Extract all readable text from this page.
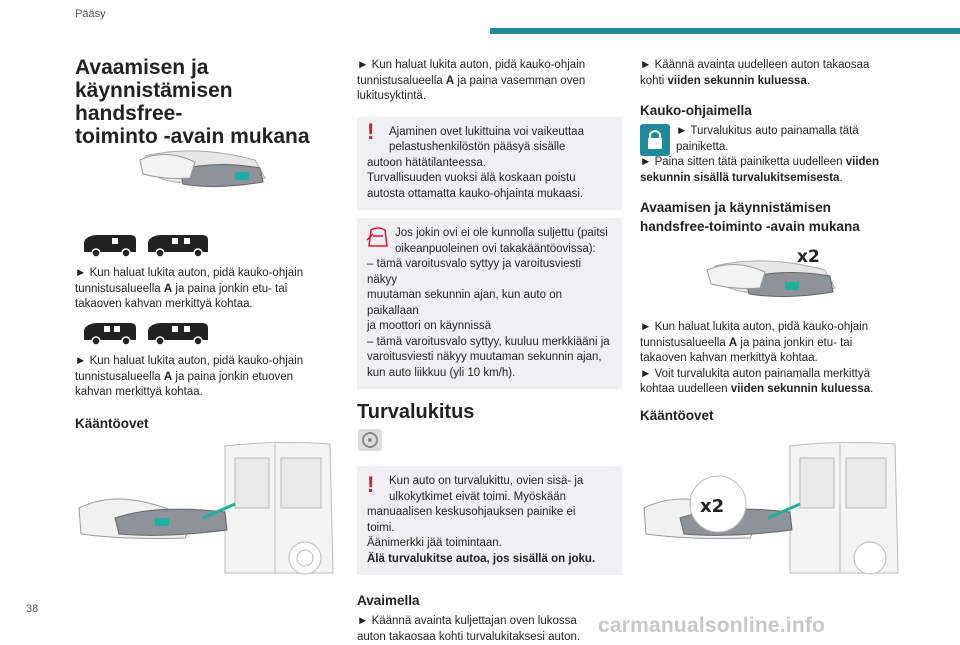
Pääsy
38
carmanualsonline.info
Avaamisen ja
käynnistämisen handsfree-
toiminto -avain mukana

► Kun haluat lukita auton, pidä kauko-ohjain

tunnistusalueella A ja paina jonkin etu- tai

takaoven kahvan merkittyä kohtaa.

► Kun haluat lukita auton, pidä kauko-ohjain

tunnistusalueella A ja paina jonkin etuoven

kahvan merkittyä kohtaa.

Kääntöovet

► Kun haluat lukita auton, pidä kauko-ohjain

tunnistusalueella A ja paina vasemman oven

lukitusyktintä.

!	Ajaminen ovet lukittuina voi vaikeuttaa
pelastushenkilöstön pääsyä sisälle
autoon hätätilanteessa.
Turvallisuuden vuoksi älä koskaan poistu
autosta ottamatta kauko-ohjainta mukaasi.
Jos jokin ovi ei ole kunnolla suljettu (paitsi
oikeanpuoleinen ovi takakääntöovissa):
– tämä varoitusvalo syttyy ja varoitusviesti näkyy
muutaman sekunnin ajan, kun auto on paikallaan
ja moottori on käynnissä
– tämä varoitusvalo syttyy, kuuluu merkkiääni ja
varoitusviesti näkyy muutaman sekunnin ajan,
kun auto liikkuu (yli 10 km/h).
Turvalukitus
!	Kun auto on turvalukittu, ovien sisä- ja
ulkokytkimet eivät toimi. Myöskään
manuaalisen keskusohjauksen painike ei
toimi.
Äänimerkki jää toimintaan.
Älä turvalukitse autoa, jos sisällä on joku.
Avaimella

► Käännä avainta kuljettajan oven lukossa

auton takaosaa kohti turvalukitaksesi auton.

► Käännä avainta uudelleen auton takaosaa

kohti viiden sekunnin kuluessa.

Kauko-ohjaimella

► Turvalukitus auto painamalla tätä

painiketta.

► Paina sitten tätä painiketta uudelleen viiden

sekunnin sisällä turvalukitsemisesta.

Avaamisen ja käynnistämisen
handsfree-toiminto -avain mukana
x2

► Kun haluat lukita auton, pidä kauko-ohjain

tunnistusalueella A ja paina jonkin etu- tai

takaoven kahvan merkittyä kohtaa.

► Voit turvalukita auton painamalla merkittyä

kohtaa uudelleen viiden sekunnin kuluessa.

Kääntöovet
x2
